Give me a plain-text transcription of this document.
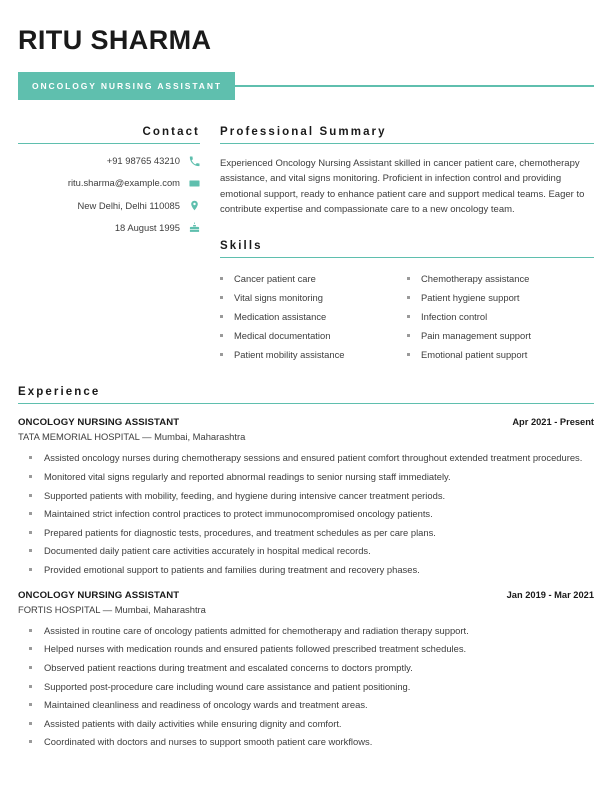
RITU SHARMA
ONCOLOGY NURSING ASSISTANT
Contact
+91 98765 43210
ritu.sharma@example.com
New Delhi, Delhi 110085
18 August 1995
Professional Summary
Experienced Oncology Nursing Assistant skilled in cancer patient care, chemotherapy assistance, and vital signs monitoring. Proficient in infection control and providing emotional support, ready to enhance patient care and support medical teams. Eager to contribute expertise and compassionate care to a new oncology team.
Skills
Cancer patient care
Vital signs monitoring
Medication assistance
Medical documentation
Patient mobility assistance
Chemotherapy assistance
Patient hygiene support
Infection control
Pain management support
Emotional patient support
Experience
ONCOLOGY NURSING ASSISTANT	Apr 2021 - Present
TATA MEMORIAL HOSPITAL — Mumbai, Maharashtra
Assisted oncology nurses during chemotherapy sessions and ensured patient comfort throughout extended treatment procedures.
Monitored vital signs regularly and reported abnormal readings to senior nursing staff immediately.
Supported patients with mobility, feeding, and hygiene during intensive cancer treatment periods.
Maintained strict infection control practices to protect immunocompromised oncology patients.
Prepared patients for diagnostic tests, procedures, and treatment schedules as per care plans.
Documented daily patient care activities accurately in hospital medical records.
Provided emotional support to patients and families during treatment and recovery phases.
ONCOLOGY NURSING ASSISTANT	Jan 2019 - Mar 2021
FORTIS HOSPITAL — Mumbai, Maharashtra
Assisted in routine care of oncology patients admitted for chemotherapy and radiation therapy support.
Helped nurses with medication rounds and ensured patients followed prescribed treatment schedules.
Observed patient reactions during treatment and escalated concerns to doctors promptly.
Supported post-procedure care including wound care assistance and patient positioning.
Maintained cleanliness and readiness of oncology wards and treatment areas.
Assisted patients with daily activities while ensuring dignity and comfort.
Coordinated with doctors and nurses to support smooth patient care workflows.
